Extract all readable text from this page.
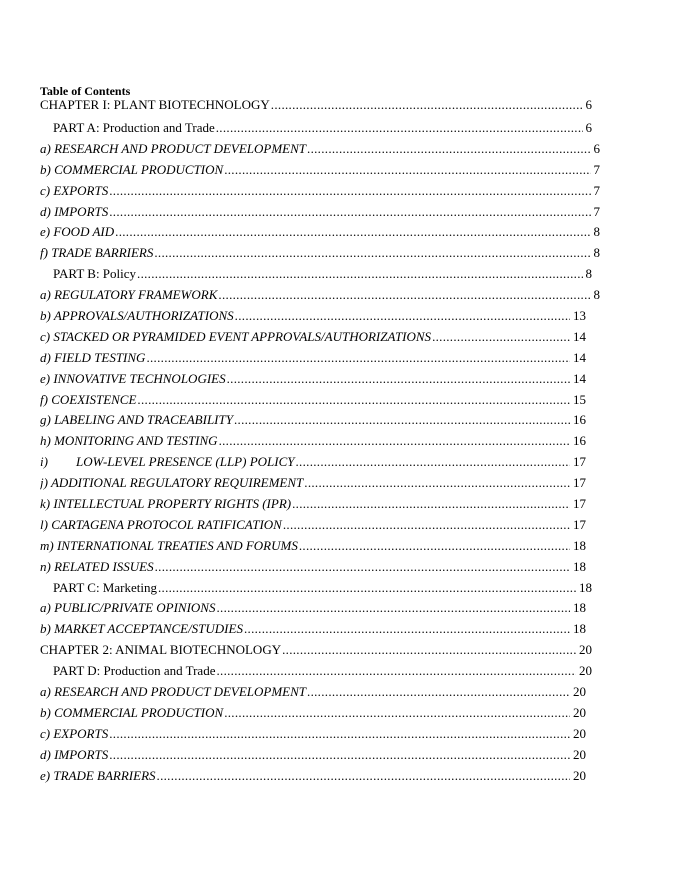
Table of Contents
CHAPTER I: PLANT BIOTECHNOLOGY .....	6
PART A: Production and Trade .....	6
a) RESEARCH AND PRODUCT DEVELOPMENT .....	6
b) COMMERCIAL PRODUCTION .....	7
c) EXPORTS .....	7
d) IMPORTS .....	7
e) FOOD AID .....	8
f) TRADE BARRIERS .....	8
PART B: Policy .....	8
a) REGULATORY FRAMEWORK .....	8
b) APPROVALS/AUTHORIZATIONS .....	13
c) STACKED OR PYRAMIDED EVENT APPROVALS/AUTHORIZATIONS .....	14
d) FIELD TESTING .....	14
e) INNOVATIVE TECHNOLOGIES .....	14
f) COEXISTENCE .....	15
g) LABELING AND TRACEABILITY .....	16
h) MONITORING AND TESTING .....	16
i) LOW-LEVEL PRESENCE (LLP) POLICY .....	17
j) ADDITIONAL REGULATORY REQUIREMENT .....	17
k) INTELLECTUAL PROPERTY RIGHTS (IPR) .....	17
l) CARTAGENA PROTOCOL RATIFICATION .....	17
m) INTERNATIONAL TREATIES AND FORUMS .....	18
n) RELATED ISSUES .....	18
PART C: Marketing .....	18
a) PUBLIC/PRIVATE OPINIONS .....	18
b) MARKET ACCEPTANCE/STUDIES .....	18
CHAPTER 2: ANIMAL BIOTECHNOLOGY .....	20
PART D: Production and Trade .....	20
a) RESEARCH AND PRODUCT DEVELOPMENT .....	20
b) COMMERCIAL PRODUCTION .....	20
c) EXPORTS .....	20
d) IMPORTS .....	20
e) TRADE BARRIERS .....	20
